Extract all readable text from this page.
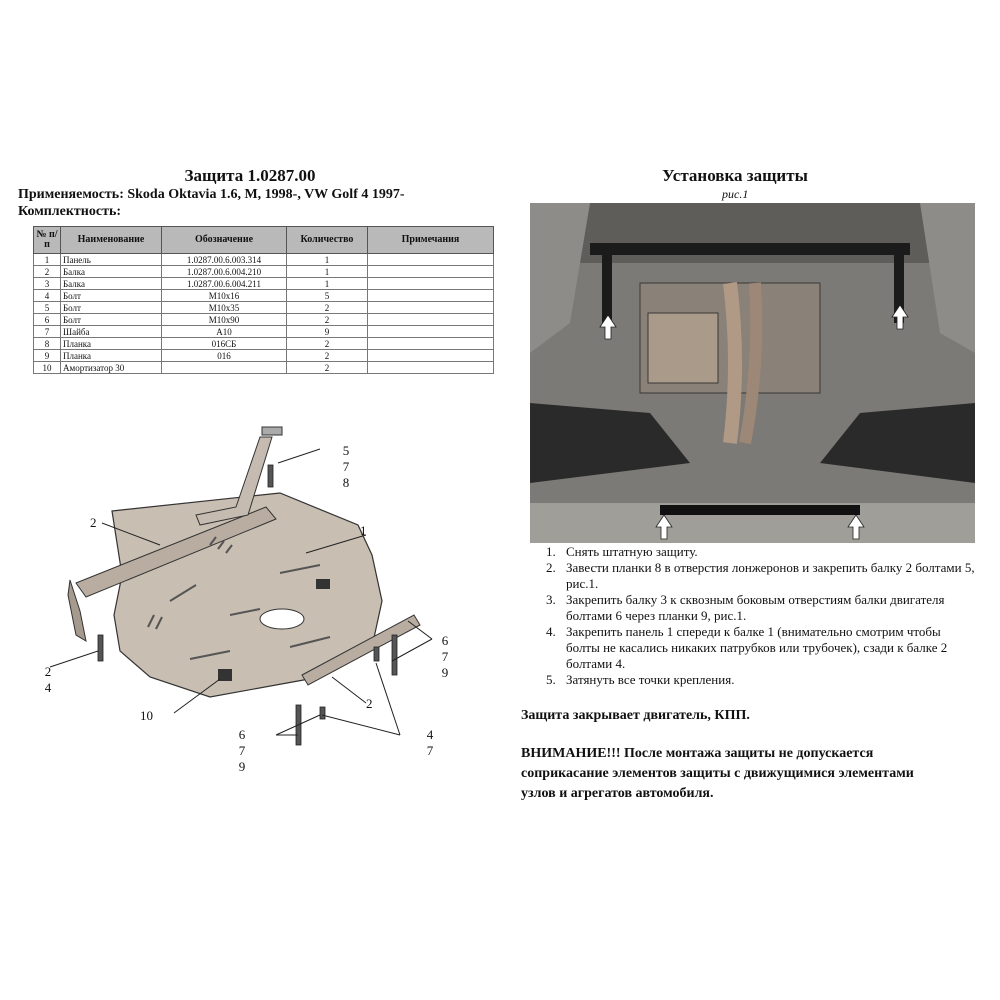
Защита 1.0287.00
Применяемость: Skoda Oktavia 1.6, M, 1998-, VW Golf 4 1997-
Комплектность:
№ п/п	Наименование	Обозначение	Количество	Примечания
1	Панель	1.0287.00.6.003.314	1	
2	Балка	1.0287.00.6.004.210	1	
3	Балка	1.0287.00.6.004.211	1	
4	Болт	M10x16	5	
5	Болт	M10x35	2	
6	Болт	M10x90	2	
7	Шайба	A10	9	
8	Планка	016СБ	2	
9	Планка	016	2	
10	Амортизатор 30		2	
5
7
8
1
2
6
7
9
2
4
10
2
6
7
9
4
7
Установка защиты
рис.1
1. Снять штатную защиту.
2. Завести планки 8 в отверстия лонжеронов и закрепить балку 2 болтами 5, рис.1.
3. Закрепить балку 3 к сквозным боковым отверстиям балки двигателя болтами 6 через планки 9, рис.1.
4. Закрепить панель 1 спереди к балке 1 (внимательно смотрим чтобы болты не касались никаких патрубков или трубочек), сзади к балке 2 болтами 4.
5. Затянуть все точки крепления.
Защита закрывает двигатель, КПП.
ВНИМАНИЕ!!! После монтажа защиты не допускается соприкасание элементов защиты с движущимися элементами узлов и агрегатов автомобиля.
